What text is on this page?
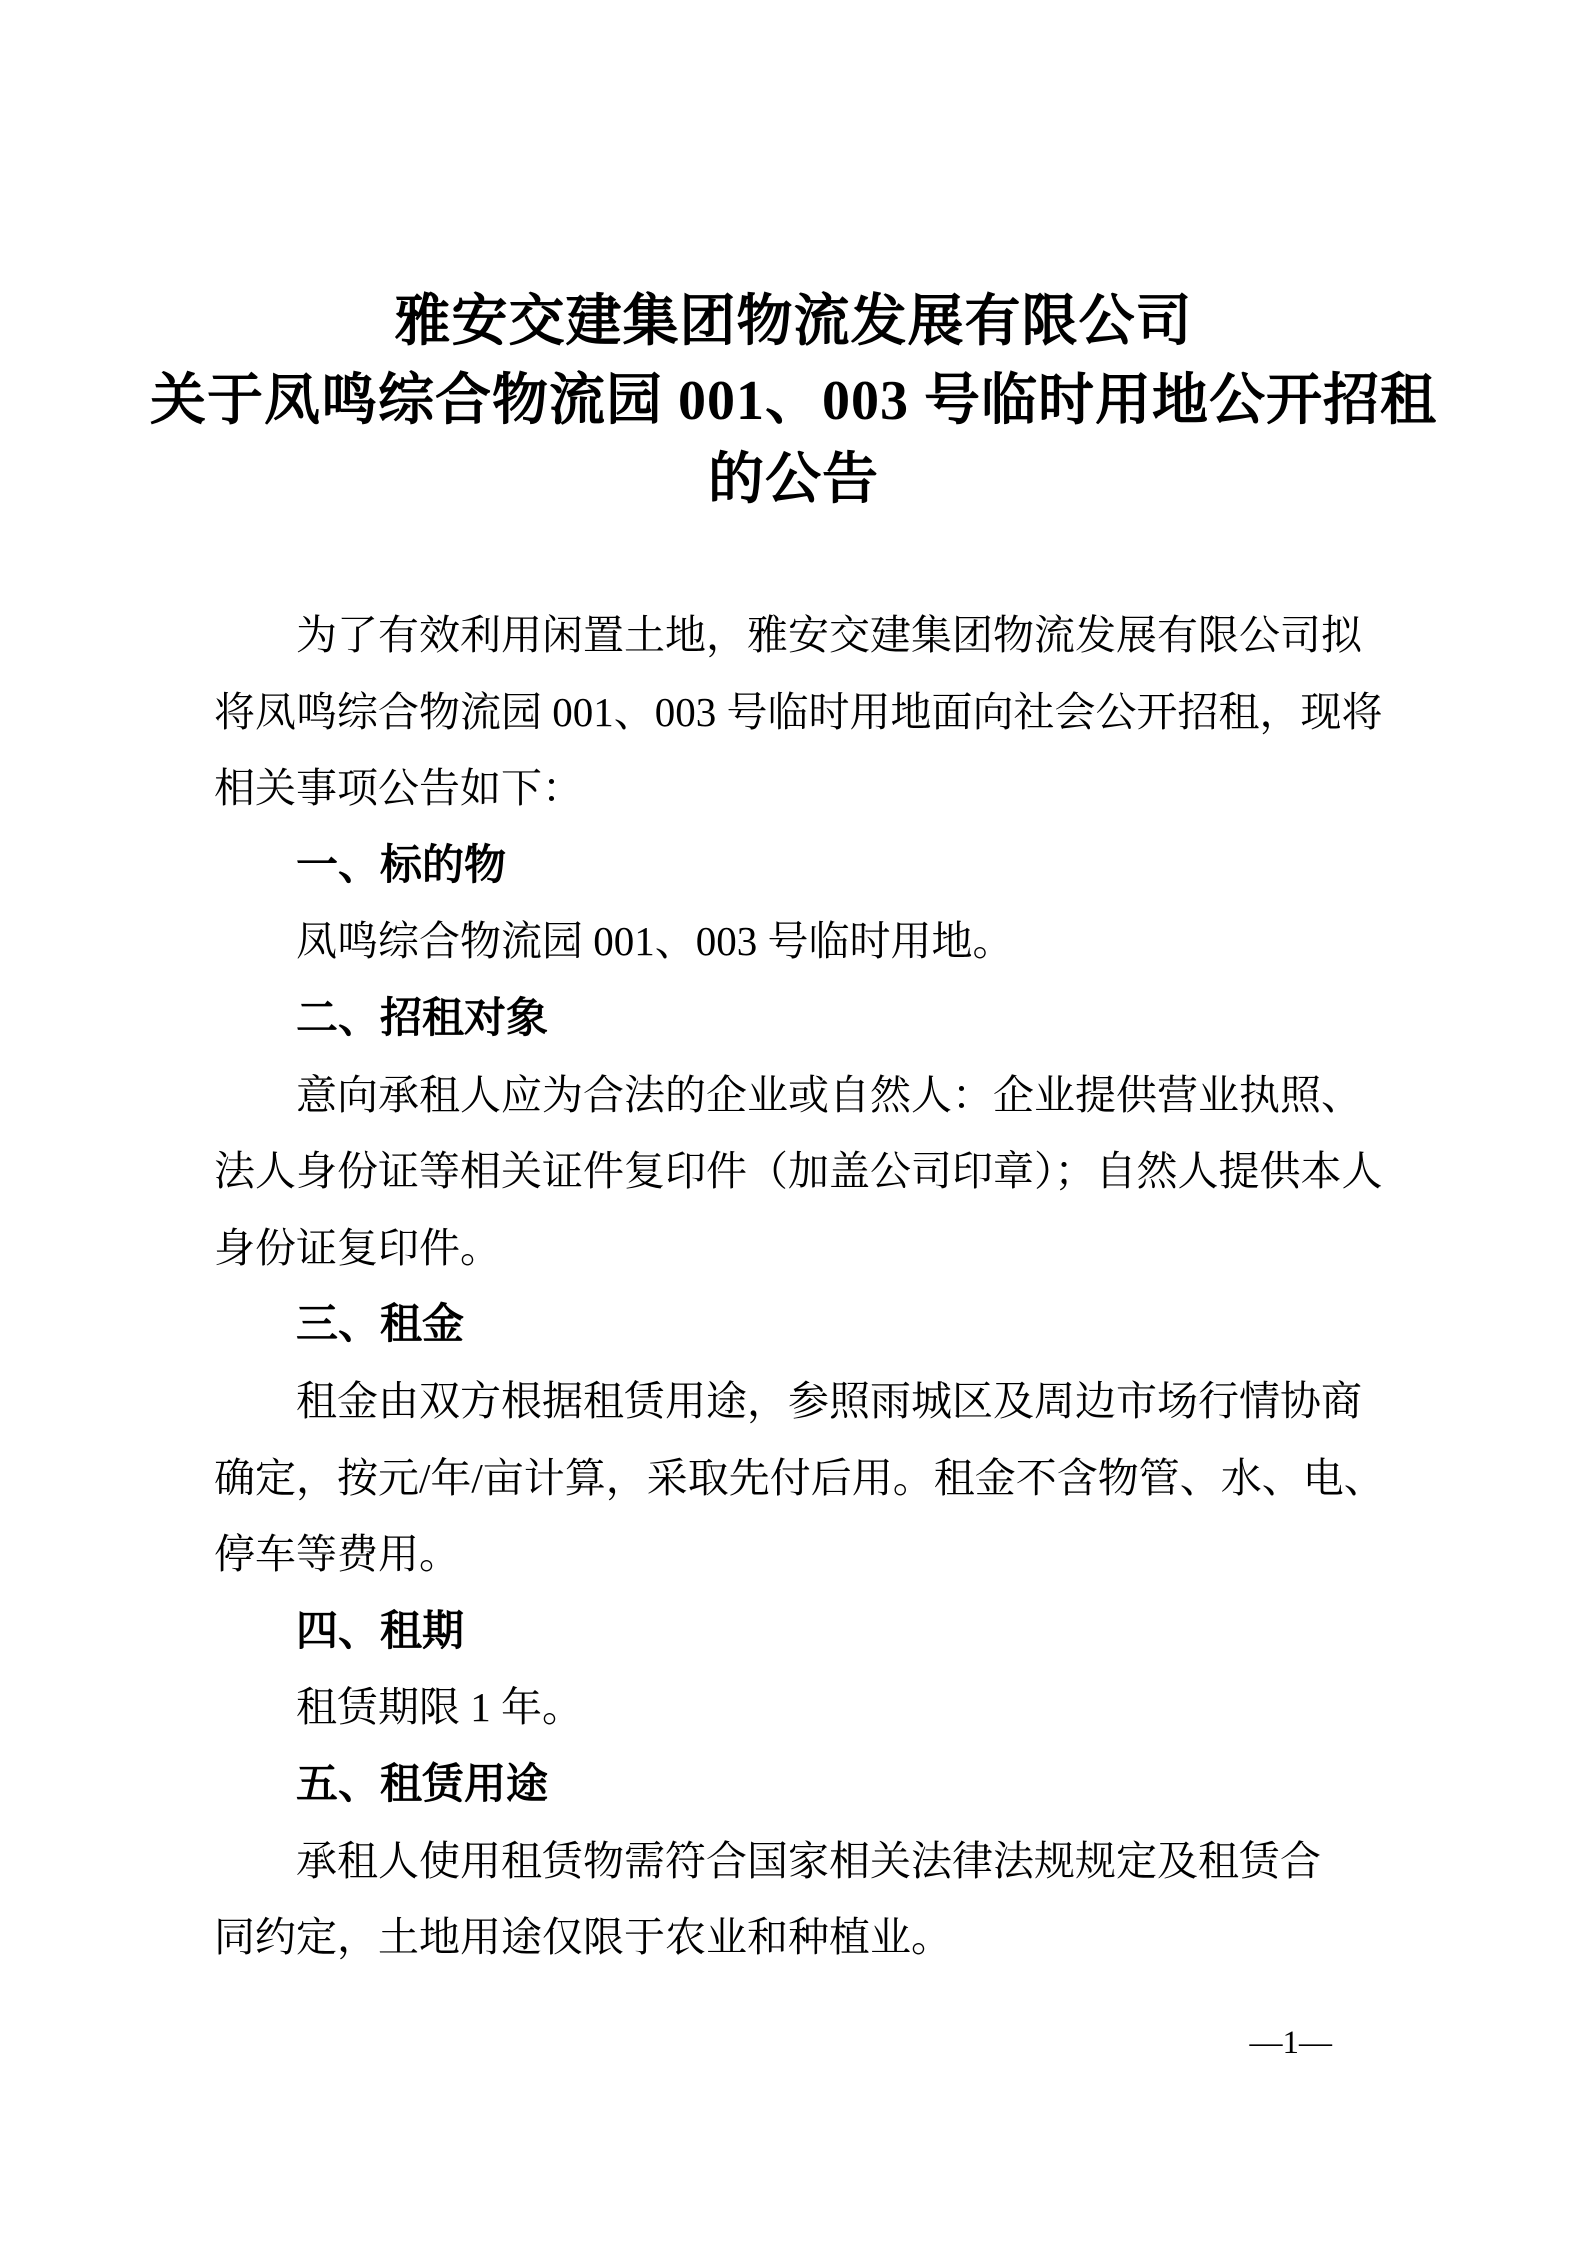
雅安交建集团物流发展有限公司
关于凤鸣综合物流园 001、003 号临时用地公开招租
的公告
为了有效利用闲置土地，雅安交建集团物流发展有限公司拟
将凤鸣综合物流园 001、003 号临时用地面向社会公开招租，现将
相关事项公告如下：
一、标的物
凤鸣综合物流园 001、003 号临时用地。
二、招租对象
意向承租人应为合法的企业或自然人：企业提供营业执照、
法人身份证等相关证件复印件（加盖公司印章）；自然人提供本人
身份证复印件。
三、租金
租金由双方根据租赁用途，参照雨城区及周边市场行情协商
确定，按元/年/亩计算，采取先付后用。租金不含物管、水、电、
停车等费用。
四、租期
租赁期限 1 年。
五、租赁用途
承租人使用租赁物需符合国家相关法律法规规定及租赁合
同约定，土地用途仅限于农业和种植业。
—1—
